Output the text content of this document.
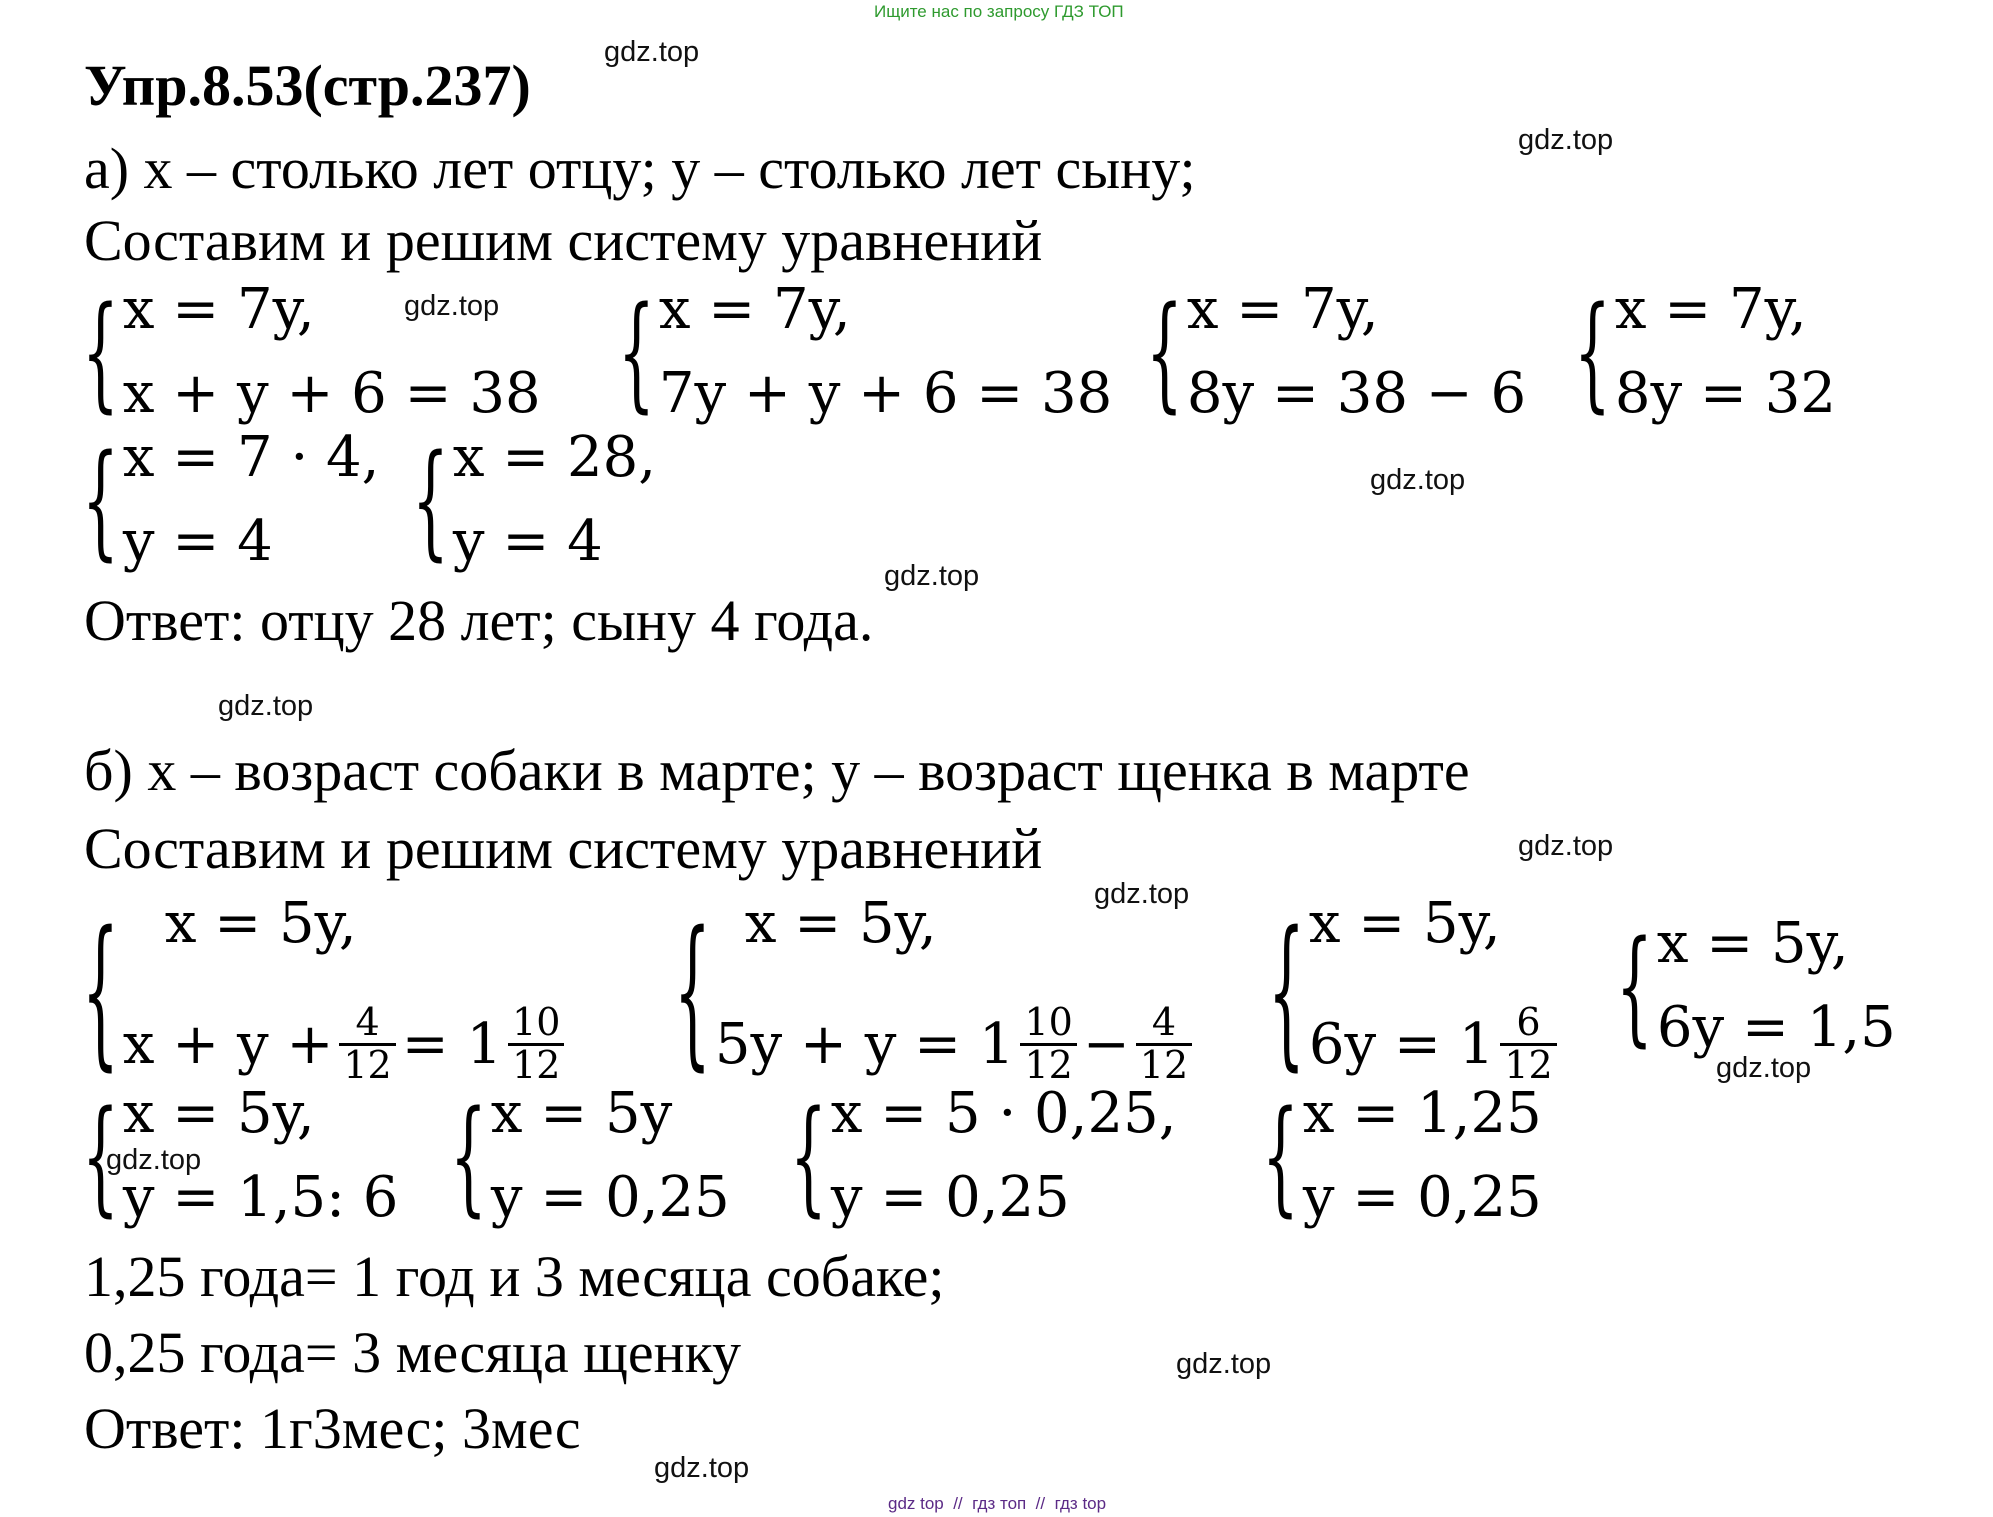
Ищите нас по запросу ГДЗ ТОП
Упр.8.53(стр.237)
а) x – столько лет отцу; y – столько лет сыну;
Составим и решим систему уравнений
{ x = 7y,
x + y + 6 = 38 { x = 7y,
7y + y + 6 = 38 { x = 7y,
8y = 38 − 6 { x = 7y,
8y = 32
{ x = 7 · 4,
y = 4	{ x = 28,
y = 4
Ответ: отцу 28 лет; сыну 4 года.
б) x – возраст собаки в марте; y – возраст щенка в марте
Составим и решим систему уравнений
{ x = 5y,
$x + y + \frac{4}{12} = 1 \frac{10}{12}$ { x = 5y,
$5y + y = 1 \frac{10}{12} - \frac{4}{12}$ { x = 5y,
$6y = 1 \frac{6}{12}$ { x = 5y,
6y = 1,5
{ x = 5y,
y = 1,5: 6 { x = 5y
y = 0,25 { x = 5 · 0,25,
y = 0,25	{ x = 1,25
y = 0,25
1,25 года= 1 год и 3 месяца собаке;
0,25 года= 3 месяца щенку
Ответ: 1г3мес; 3мес
gdz.top
gdz.top
gdz.top
gdz.top
gdz.top
gdz.top
gdz.top
gdz.top
gdz.top
gdz.top
gdz.top
gdz.top
gdz top  //  гдз топ  //  гдз top
